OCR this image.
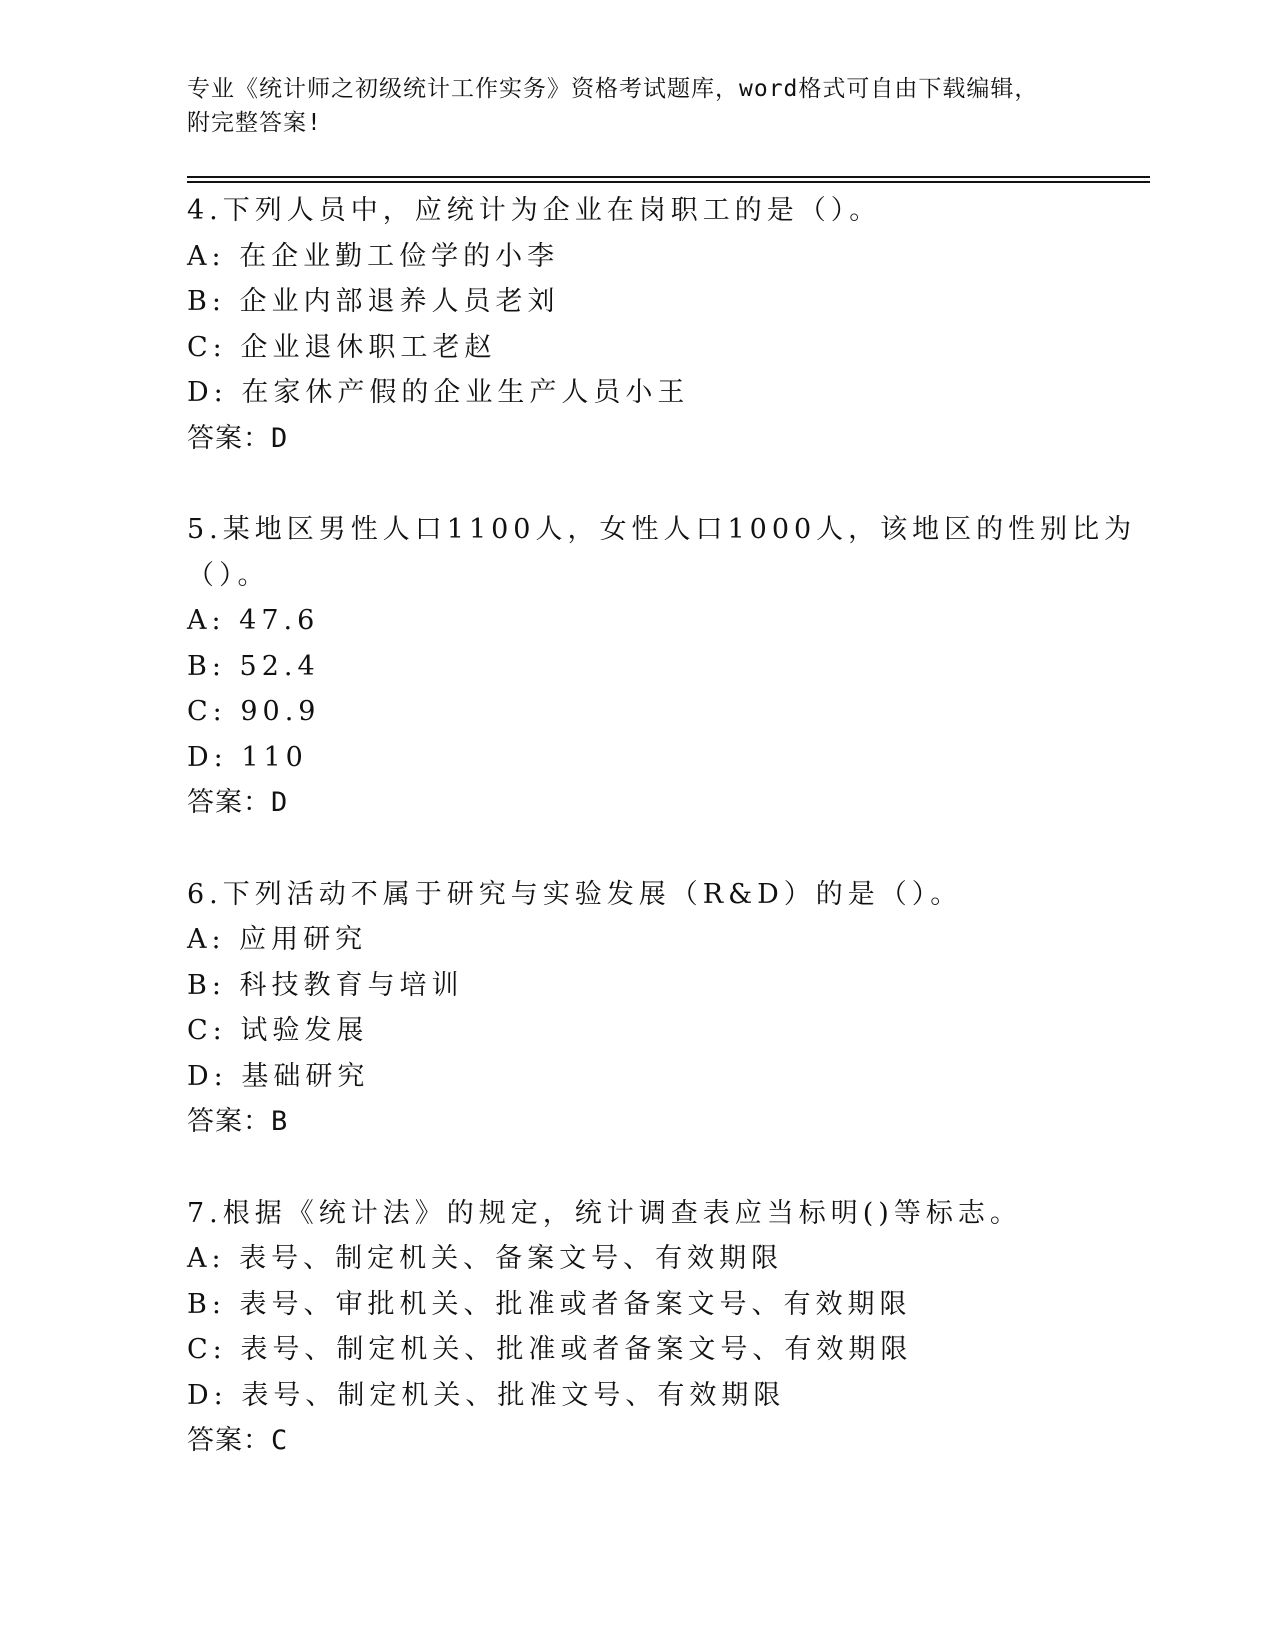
专业《统计师之初级统计工作实务》资格考试题库，word格式可自由下载编辑，
附完整答案!
4.下列人员中，应统计为企业在岗职工的是（）。
A: 在企业勤工俭学的小李
B: 企业内部退养人员老刘
C: 企业退休职工老赵
D: 在家休产假的企业生产人员小王
答案：D
5.某地区男性人口1100人，女性人口1000人，该地区的性别比为（）。
A: 47.6
B: 52.4
C: 90.9
D: 110
答案：D
6.下列活动不属于研究与实验发展（R&D）的是（）。
A: 应用研究
B: 科技教育与培训
C: 试验发展
D: 基础研究
答案：B
7.根据《统计法》的规定，统计调查表应当标明()等标志。
A: 表号、制定机关、备案文号、有效期限
B: 表号、审批机关、批准或者备案文号、有效期限
C: 表号、制定机关、批准或者备案文号、有效期限
D: 表号、制定机关、批准文号、有效期限
答案：C
